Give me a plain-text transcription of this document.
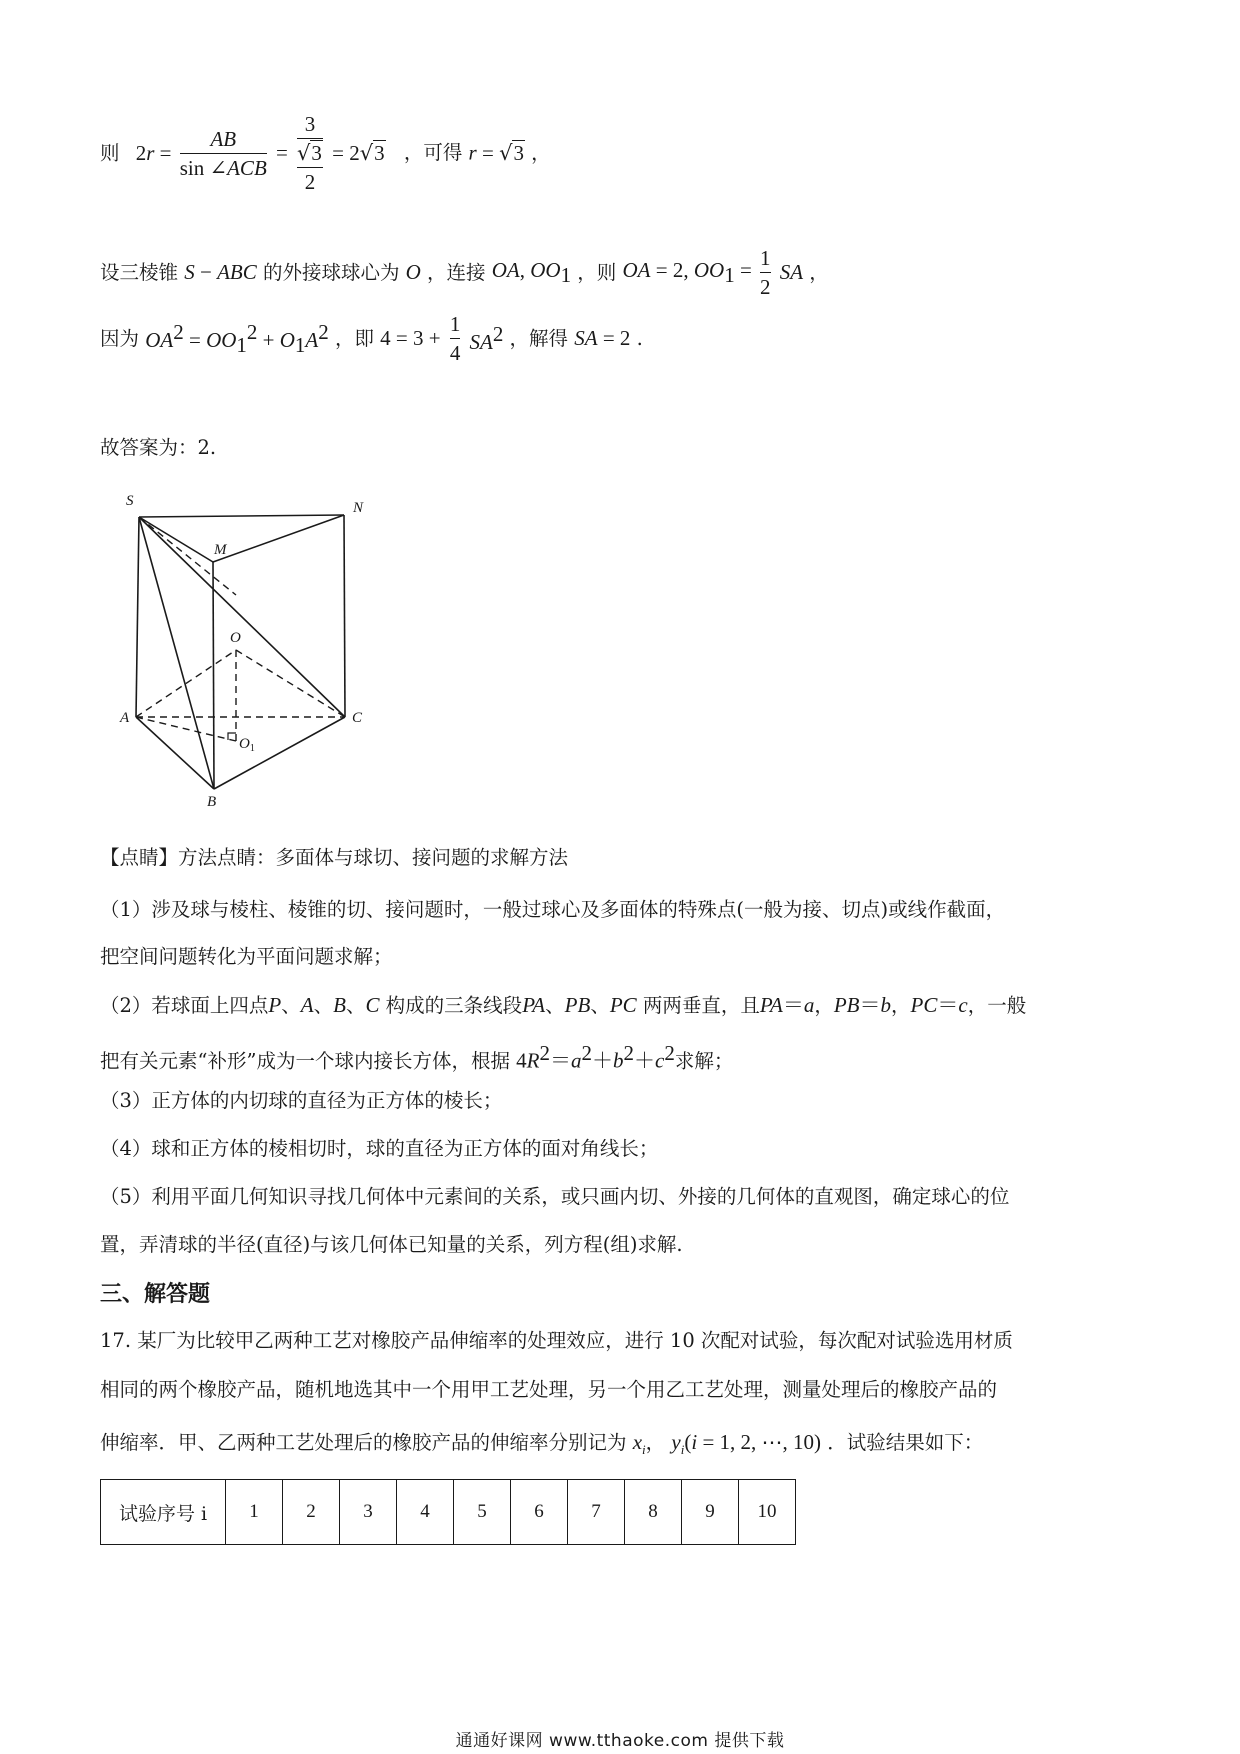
则 $2r = \frac{AB}{\text{sin ∠ACB}} = \frac{3}{\frac{√3}{2}} = 2√3$ ，可得 r = √3 ，
设三棱锥 S − ABC 的外接球球心为 O ，连接 OA, $OO_1$ ，则 OA = 2, $OO_1 = \frac{1}{2}$ SA ，
因为 $OA^2 = OO_1^2 + O_1A^2$ ，即 $4 = 3 + \frac{1}{4} SA^2$ ，解得 SA = 2 .
故答案为：2.
S	N
M
O
A	C
$O_1$
B
【点睛】方法点睛：多面体与球切、接问题的求解方法
（1）涉及球与棱柱、棱锥的切、接问题时，一般过球心及多面体的特殊点(一般为接、切点)或线作截面，
把空间问题转化为平面问题求解；
（2）若球面上四点P、A、B、C 构成的三条线段PA、PB、PC 两两垂直，且PA＝a，PB＝b，PC＝c，一般
把有关元素“补形”成为一个球内接长方体，根据 $4R^2=a^2+b^2+c^2$求解；
（3）正方体的内切球的直径为正方体的棱长；
（4）球和正方体的棱相切时，球的直径为正方体的面对角线长；
（5）利用平面几何知识寻找几何体中元素间的关系，或只画内切、外接的几何体的直观图，确定球心的位
置，弄清球的半径(直径)与该几何体已知量的关系，列方程(组)求解.
三、解答题
17. 某厂为比较甲乙两种工艺对橡胶产品伸缩率的处理效应，进行 10 次配对试验，每次配对试验选用材质
相同的两个橡胶产品，随机地选其中一个用甲工艺处理，另一个用乙工艺处理，测量处理后的橡胶产品的
伸缩率．甲、乙两种工艺处理后的橡胶产品的伸缩率分别记为 $x_i$， $y_i(i = 1$, 2, ⋯, 10) ．试验结果如下：
试验序号 i	1	2	3	4	5	6	7	8	9	10
通通好课网 www.tthaoke.com 提供下载
